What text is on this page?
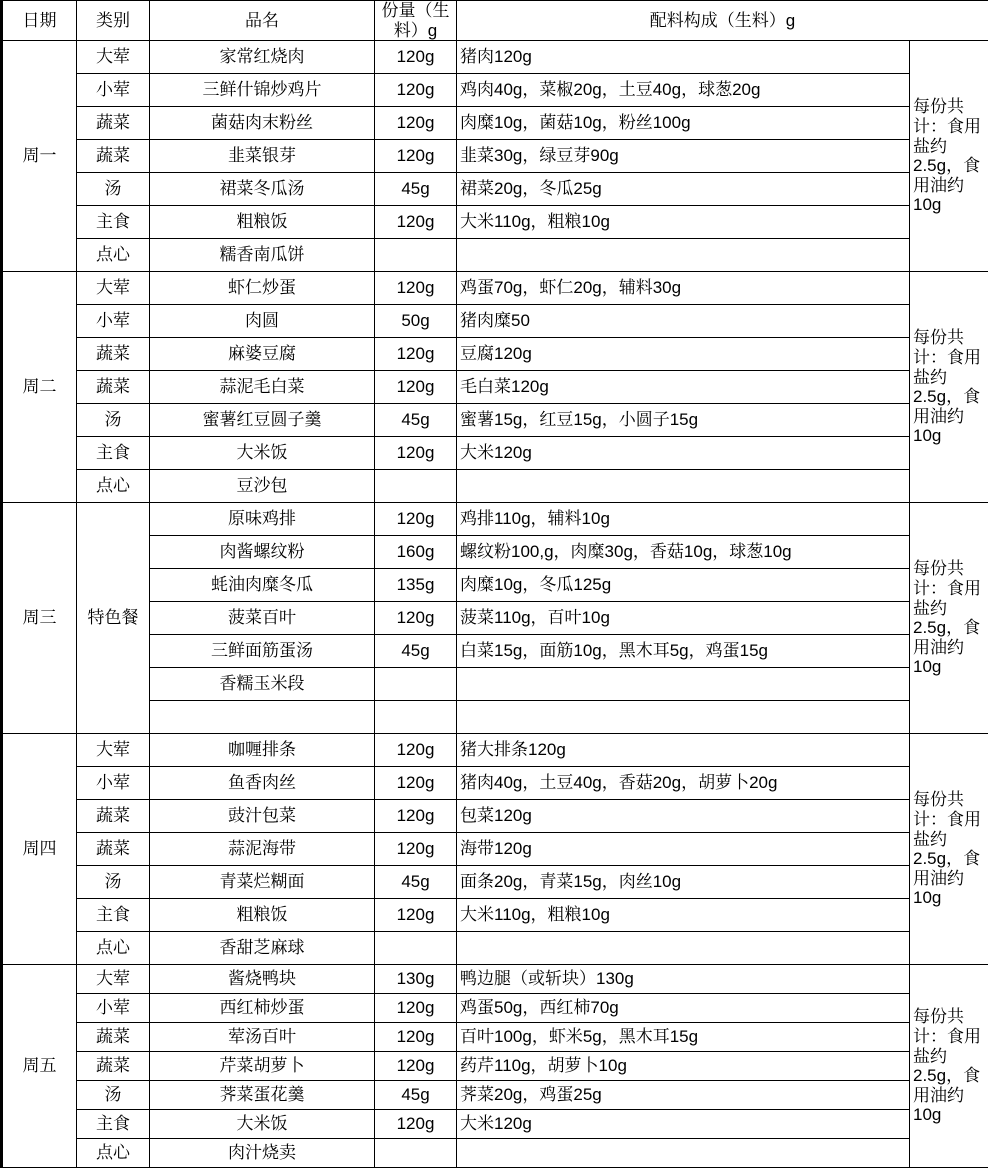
日期	类别	品名	份量（生料）g	配料构成（生料）g	
周一	大荤	家常红烧肉	120g	猪肉120g	每份共计：食用盐约2.5g，食用油约10g
	小荤	三鲜什锦炒鸡片	120g	鸡肉40g，菜椒20g，土豆40g，球葱20g	
	蔬菜	菌菇肉末粉丝	120g	肉糜10g，菌菇10g，粉丝100g	
	蔬菜	韭菜银芽	120g	韭菜30g，绿豆芽90g	
	汤	裙菜冬瓜汤	45g	裙菜20g，冬瓜25g	
	主食	粗粮饭	120g	大米110g，粗粮10g	
	点心	糯香南瓜饼			
周二	大荤	虾仁炒蛋	120g	鸡蛋70g，虾仁20g，辅料30g	每份共计：食用盐约2.5g，食用油约10g
	小荤	肉圆	50g	猪肉糜50	
	蔬菜	麻婆豆腐	120g	豆腐120g	
	蔬菜	蒜泥毛白菜	120g	毛白菜120g	
	汤	蜜薯红豆圆子羹	45g	蜜薯15g，红豆15g，小圆子15g	
	主食	大米饭	120g	大米120g	
	点心	豆沙包			
周三	特色餐	原味鸡排	120g	鸡排110g，辅料10g	每份共计：食用盐约2.5g，食用油约10g
		肉酱螺纹粉	160g	螺纹粉100,g，肉糜30g，香菇10g，球葱10g	
		蚝油肉糜冬瓜	135g	肉糜10g，冬瓜125g	
		菠菜百叶	120g	菠菜110g，百叶10g	
		三鲜面筋蛋汤	45g	白菜15g，面筋10g，黑木耳5g，鸡蛋15g	
		香糯玉米段			

周四	大荤	咖喱排条	120g	猪大排条120g	每份共计：食用盐约2.5g，食用油约10g
	小荤	鱼香肉丝	120g	猪肉40g，土豆40g，香菇20g，胡萝卜20g	
	蔬菜	豉汁包菜	120g	包菜120g	
	蔬菜	蒜泥海带	120g	海带120g	
	汤	青菜烂糊面	45g	面条20g，青菜15g，肉丝10g	
	主食	粗粮饭	120g	大米110g，粗粮10g	
	点心	香甜芝麻球			
周五	大荤	酱烧鸭块	130g	鸭边腿（或斩块）130g	每份共计：食用盐约2.5g，食用油约10g
	小荤	西红柿炒蛋	120g	鸡蛋50g，西红柿70g	
	蔬菜	荤汤百叶	120g	百叶100g，虾米5g，黑木耳15g	
	蔬菜	芹菜胡萝卜	120g	药芹110g，胡萝卜10g	
	汤	荠菜蛋花羹	45g	荠菜20g，鸡蛋25g	
	主食	大米饭	120g	大米120g	
	点心	肉汁烧卖			
